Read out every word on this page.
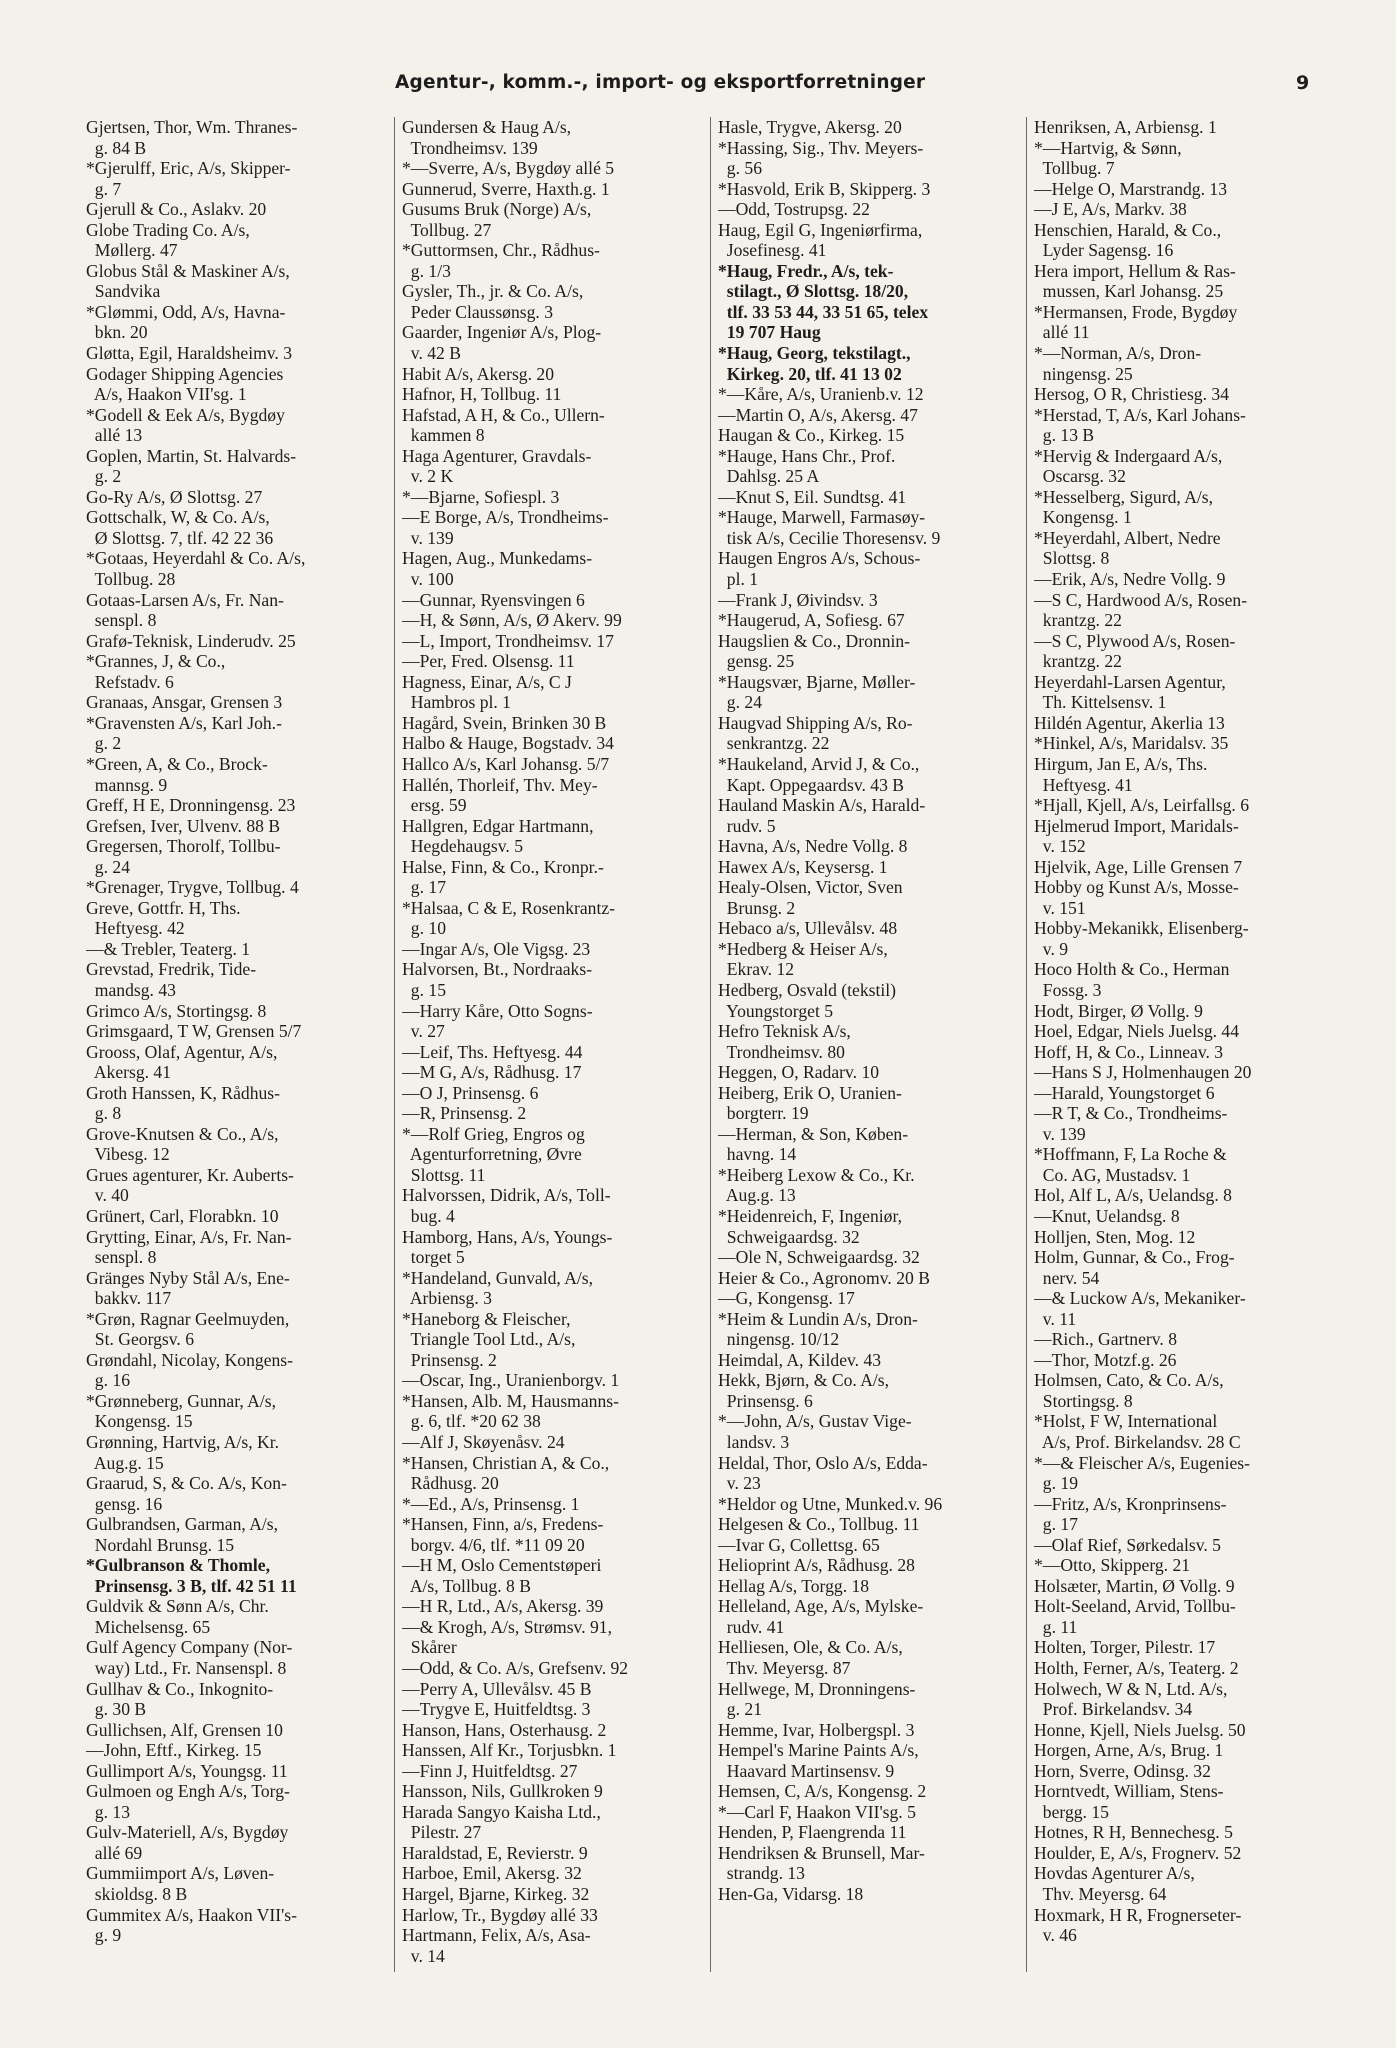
Agentur-, komm.-, import- og eksportforretninger	9
Gjertsen, Thor, Wm. Thranes-
g. 84 B
*Gjerulff, Eric, A/s, Skipper-
g. 7
Gjerull & Co., Aslakv. 20
Globe Trading Co. A/s,
Møllerg. 47
Globus Stål & Maskiner A/s,
Sandvika
*Glømmi, Odd, A/s, Havna-
bkn. 20
Gløtta, Egil, Haraldsheimv. 3
Godager Shipping Agencies
A/s, Haakon VII'sg. 1
*Godell & Eek A/s, Bygdøy
allé 13
Goplen, Martin, St. Halvards-
g. 2
Go-Ry A/s, Ø Slottsg. 27
Gottschalk, W, & Co. A/s,
Ø Slottsg. 7, tlf. 42 22 36
*Gotaas, Heyerdahl & Co. A/s,
Tollbug. 28
Gotaas-Larsen A/s, Fr. Nan-
senspl. 8
Grafø-Teknisk, Linderudv. 25
*Grannes, J, & Co.,
Refstadv. 6
Granaas, Ansgar, Grensen 3
*Gravensten A/s, Karl Joh.-
g. 2
*Green, A, & Co., Brock-
mannsg. 9
Greff, H E, Dronningensg. 23
Grefsen, Iver, Ulvenv. 88 B
Gregersen, Thorolf, Tollbu-
g. 24
*Grenager, Trygve, Tollbug. 4
Greve, Gottfr. H, Ths.
Heftyesg. 42
—& Trebler, Teaterg. 1
Grevstad, Fredrik, Tide-
mandsg. 43
Grimco A/s, Stortingsg. 8
Grimsgaard, T W, Grensen 5/7
Grooss, Olaf, Agentur, A/s,
Akersg. 41
Groth Hanssen, K, Rådhus-
g. 8
Grove-Knutsen & Co., A/s,
Vibesg. 12
Grues agenturer, Kr. Auberts-
v. 40
Grünert, Carl, Florabkn. 10
Grytting, Einar, A/s, Fr. Nan-
senspl. 8
Gränges Nyby Stål A/s, Ene-
bakkv. 117
*Grøn, Ragnar Geelmuyden,
St. Georgsv. 6
Grøndahl, Nicolay, Kongens-
g. 16
*Grønneberg, Gunnar, A/s,
Kongensg. 15
Grønning, Hartvig, A/s, Kr.
Aug.g. 15
Graarud, S, & Co. A/s, Kon-
gensg. 16
Gulbrandsen, Garman, A/s,
Nordahl Brunsg. 15
*Gulbranson & Thomle,
Prinsensg. 3 B, tlf. 42 51 11
Guldvik & Sønn A/s, Chr.
Michelsensg. 65
Gulf Agency Company (Nor-
way) Ltd., Fr. Nansenspl. 8
Gullhav & Co., Inkognito-
g. 30 B
Gullichsen, Alf, Grensen 10
—John, Eftf., Kirkeg. 15
Gullimport A/s, Youngsg. 11
Gulmoen og Engh A/s, Torg-
g. 13
Gulv-Materiell, A/s, Bygdøy
allé 69
Gummiimport A/s, Løven-
skioldsg. 8 B
Gummitex A/s, Haakon VII's-
g. 9
Gundersen & Haug A/s,
Trondheimsv. 139
*—Sverre, A/s, Bygdøy allé 5
Gunnerud, Sverre, Haxth.g. 1
Gusums Bruk (Norge) A/s,
Tollbug. 27
*Guttormsen, Chr., Rådhus-
g. 1/3
Gysler, Th., jr. & Co. A/s,
Peder Claussønsg. 3
Gaarder, Ingeniør A/s, Plog-
v. 42 B
Habit A/s, Akersg. 20
Hafnor, H, Tollbug. 11
Hafstad, A H, & Co., Ullern-
kammen 8
Haga Agenturer, Gravdals-
v. 2 K
*—Bjarne, Sofiespl. 3
—E Borge, A/s, Trondheims-
v. 139
Hagen, Aug., Munkedams-
v. 100
—Gunnar, Ryensvingen 6
—H, & Sønn, A/s, Ø Akerv. 99
—L, Import, Trondheimsv. 17
—Per, Fred. Olsensg. 11
Hagness, Einar, A/s, C J
Hambros pl. 1
Hagård, Svein, Brinken 30 B
Halbo & Hauge, Bogstadv. 34
Hallco A/s, Karl Johansg. 5/7
Hallén, Thorleif, Thv. Mey-
ersg. 59
Hallgren, Edgar Hartmann,
Hegdehaugsv. 5
Halse, Finn, & Co., Kronpr.-
g. 17
*Halsaa, C & E, Rosenkrantz-
g. 10
—Ingar A/s, Ole Vigsg. 23
Halvorsen, Bt., Nordraaks-
g. 15
—Harry Kåre, Otto Sogns-
v. 27
—Leif, Ths. Heftyesg. 44
—M G, A/s, Rådhusg. 17
—O J, Prinsensg. 6
—R, Prinsensg. 2
*—Rolf Grieg, Engros og
Agenturforretning, Øvre
Slottsg. 11
Halvorssen, Didrik, A/s, Toll-
bug. 4
Hamborg, Hans, A/s, Youngs-
torget 5
*Handeland, Gunvald, A/s,
Arbiensg. 3
*Haneborg & Fleischer,
Triangle Tool Ltd., A/s,
Prinsensg. 2
—Oscar, Ing., Uranienborgv. 1
*Hansen, Alb. M, Hausmanns-
g. 6, tlf. *20 62 38
—Alf J, Skøyenåsv. 24
*Hansen, Christian A, & Co.,
Rådhusg. 20
*—Ed., A/s, Prinsensg. 1
*Hansen, Finn, a/s, Fredens-
borgv. 4/6, tlf. *11 09 20
—H M, Oslo Cementstøperi
A/s, Tollbug. 8 B
—H R, Ltd., A/s, Akersg. 39
—& Krogh, A/s, Strømsv. 91,
Skårer
—Odd, & Co. A/s, Grefsenv. 92
—Perry A, Ullevålsv. 45 B
—Trygve E, Huitfeldtsg. 3
Hanson, Hans, Osterhausg. 2
Hanssen, Alf Kr., Torjusbkn. 1
—Finn J, Huitfeldtsg. 27
Hansson, Nils, Gullkroken 9
Harada Sangyo Kaisha Ltd.,
Pilestr. 27
Haraldstad, E, Revierstr. 9
Harboe, Emil, Akersg. 32
Hargel, Bjarne, Kirkeg. 32
Harlow, Tr., Bygdøy allé 33
Hartmann, Felix, A/s, Asa-
v. 14
Hasle, Trygve, Akersg. 20
*Hassing, Sig., Thv. Meyers-
g. 56
*Hasvold, Erik B, Skipperg. 3
—Odd, Tostrupsg. 22
Haug, Egil G, Ingeniørfirma,
Josefinesg. 41
*Haug, Fredr., A/s, tek-
stilagt., Ø Slottsg. 18/20,
tlf. 33 53 44, 33 51 65, telex
19 707 Haug
*Haug, Georg, tekstilagt.,
Kirkeg. 20, tlf. 41 13 02
*—Kåre, A/s, Uranienb.v. 12
—Martin O, A/s, Akersg. 47
Haugan & Co., Kirkeg. 15
*Hauge, Hans Chr., Prof.
Dahlsg. 25 A
—Knut S, Eil. Sundtsg. 41
*Hauge, Marwell, Farmasøy-
tisk A/s, Cecilie Thoresensv. 9
Haugen Engros A/s, Schous-
pl. 1
—Frank J, Øivindsv. 3
*Haugerud, A, Sofiesg. 67
Haugslien & Co., Dronnin-
gensg. 25
*Haugsvær, Bjarne, Møller-
g. 24
Haugvad Shipping A/s, Ro-
senkrantzg. 22
*Haukeland, Arvid J, & Co.,
Kapt. Oppegaardsv. 43 B
Hauland Maskin A/s, Harald-
rudv. 5
Havna, A/s, Nedre Vollg. 8
Hawex A/s, Keysersg. 1
Healy-Olsen, Victor, Sven
Brunsg. 2
Hebaco a/s, Ullevålsv. 48
*Hedberg & Heiser A/s,
Ekrav. 12
Hedberg, Osvald (tekstil)
Youngstorget 5
Hefro Teknisk A/s,
Trondheimsv. 80
Heggen, O, Radarv. 10
Heiberg, Erik O, Uranien-
borgterr. 19
—Herman, & Son, Køben-
havng. 14
*Heiberg Lexow & Co., Kr.
Aug.g. 13
*Heidenreich, F, Ingeniør,
Schweigaardsg. 32
—Ole N, Schweigaardsg. 32
Heier & Co., Agronomv. 20 B
—G, Kongensg. 17
*Heim & Lundin A/s, Dron-
ningensg. 10/12
Heimdal, A, Kildev. 43
Hekk, Bjørn, & Co. A/s,
Prinsensg. 6
*—John, A/s, Gustav Vige-
landsv. 3
Heldal, Thor, Oslo A/s, Edda-
v. 23
*Heldor og Utne, Munked.v. 96
Helgesen & Co., Tollbug. 11
—Ivar G, Collettsg. 65
Helioprint A/s, Rådhusg. 28
Hellag A/s, Torgg. 18
Helleland, Age, A/s, Mylske-
rudv. 41
Helliesen, Ole, & Co. A/s,
Thv. Meyersg. 87
Hellwege, M, Dronningens-
g. 21
Hemme, Ivar, Holbergspl. 3
Hempel's Marine Paints A/s,
Haavard Martinsensv. 9
Hemsen, C, A/s, Kongensg. 2
*—Carl F, Haakon VII'sg. 5
Henden, P, Flaengrenda 11
Hendriksen & Brunsell, Mar-
strandg. 13
Hen-Ga, Vidarsg. 18
Henriksen, A, Arbiensg. 1
*—Hartvig, & Sønn,
Tollbug. 7
—Helge O, Marstrandg. 13
—J E, A/s, Markv. 38
Henschien, Harald, & Co.,
Lyder Sagensg. 16
Hera import, Hellum & Ras-
mussen, Karl Johansg. 25
*Hermansen, Frode, Bygdøy
allé 11
*—Norman, A/s, Dron-
ningensg. 25
Hersog, O R, Christiesg. 34
*Herstad, T, A/s, Karl Johans-
g. 13 B
*Hervig & Indergaard A/s,
Oscarsg. 32
*Hesselberg, Sigurd, A/s,
Kongensg. 1
*Heyerdahl, Albert, Nedre
Slottsg. 8
—Erik, A/s, Nedre Vollg. 9
—S C, Hardwood A/s, Rosen-
krantzg. 22
—S C, Plywood A/s, Rosen-
krantzg. 22
Heyerdahl-Larsen Agentur,
Th. Kittelsensv. 1
Hildén Agentur, Akerlia 13
*Hinkel, A/s, Maridalsv. 35
Hirgum, Jan E, A/s, Ths.
Heftyesg. 41
*Hjall, Kjell, A/s, Leirfallsg. 6
Hjelmerud Import, Maridals-
v. 152
Hjelvik, Age, Lille Grensen 7
Hobby og Kunst A/s, Mosse-
v. 151
Hobby-Mekanikk, Elisenberg-
v. 9
Hoco Holth & Co., Herman
Fossg. 3
Hodt, Birger, Ø Vollg. 9
Hoel, Edgar, Niels Juelsg. 44
Hoff, H, & Co., Linneav. 3
—Hans S J, Holmenhaugen 20
—Harald, Youngstorget 6
—R T, & Co., Trondheims-
v. 139
*Hoffmann, F, La Roche &
Co. AG, Mustadsv. 1
Hol, Alf L, A/s, Uelandsg. 8
—Knut, Uelandsg. 8
Holljen, Sten, Mog. 12
Holm, Gunnar, & Co., Frog-
nerv. 54
—& Luckow A/s, Mekaniker-
v. 11
—Rich., Gartnerv. 8
—Thor, Motzf.g. 26
Holmsen, Cato, & Co. A/s,
Stortingsg. 8
*Holst, F W, International
A/s, Prof. Birkelandsv. 28 C
*—& Fleischer A/s, Eugenies-
g. 19
—Fritz, A/s, Kronprinsens-
g. 17
—Olaf Rief, Sørkedalsv. 5
*—Otto, Skipperg. 21
Holsæter, Martin, Ø Vollg. 9
Holt-Seeland, Arvid, Tollbu-
g. 11
Holten, Torger, Pilestr. 17
Holth, Ferner, A/s, Teaterg. 2
Holwech, W & N, Ltd. A/s,
Prof. Birkelandsv. 34
Honne, Kjell, Niels Juelsg. 50
Horgen, Arne, A/s, Brug. 1
Horn, Sverre, Odinsg. 32
Horntvedt, William, Stens-
bergg. 15
Hotnes, R H, Bennechesg. 5
Houlder, E, A/s, Frognerv. 52
Hovdas Agenturer A/s,
Thv. Meyersg. 64
Hoxmark, H R, Frognerseter-
v. 46
